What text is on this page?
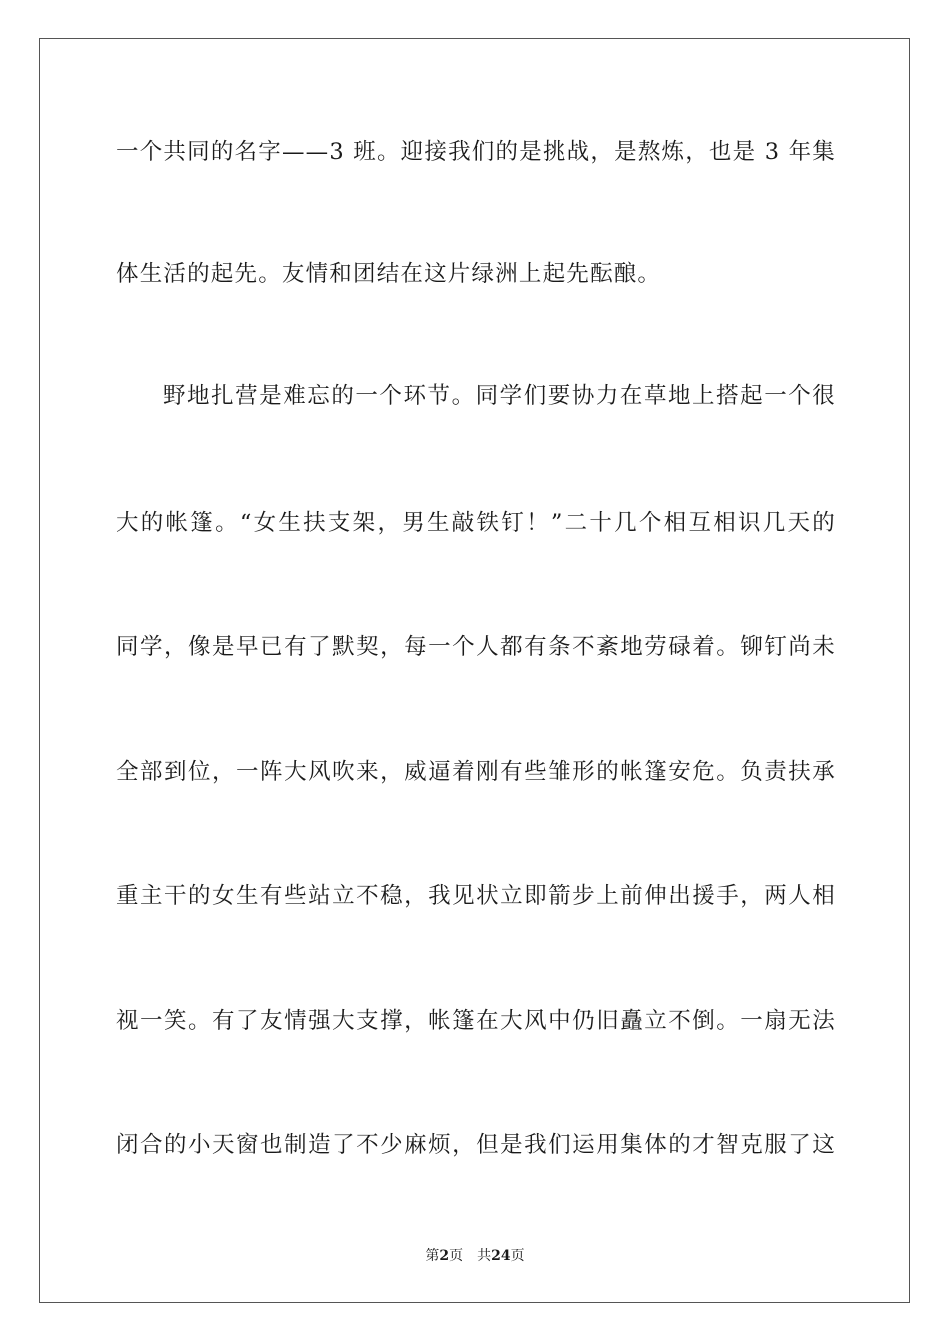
一个共同的名字——3 班。迎接我们的是挑战，是熬炼，也是 3 年集
体生活的起先。友情和团结在这片绿洲上起先酝酿。
野地扎营是难忘的一个环节。同学们要协力在草地上搭起一个很
大的帐篷。“女生扶支架，男生敲铁钉！”二十几个相互相识几天的
同学，像是早已有了默契，每一个人都有条不紊地劳碌着。铆钉尚未
全部到位，一阵大风吹来，威逼着刚有些雏形的帐篷安危。负责扶承
重主干的女生有些站立不稳，我见状立即箭步上前伸出援手，两人相
视一笑。有了友情强大支撑，帐篷在大风中仍旧矗立不倒。一扇无法
闭合的小天窗也制造了不少麻烦，但是我们运用集体的才智克服了这
第2页 共24页
